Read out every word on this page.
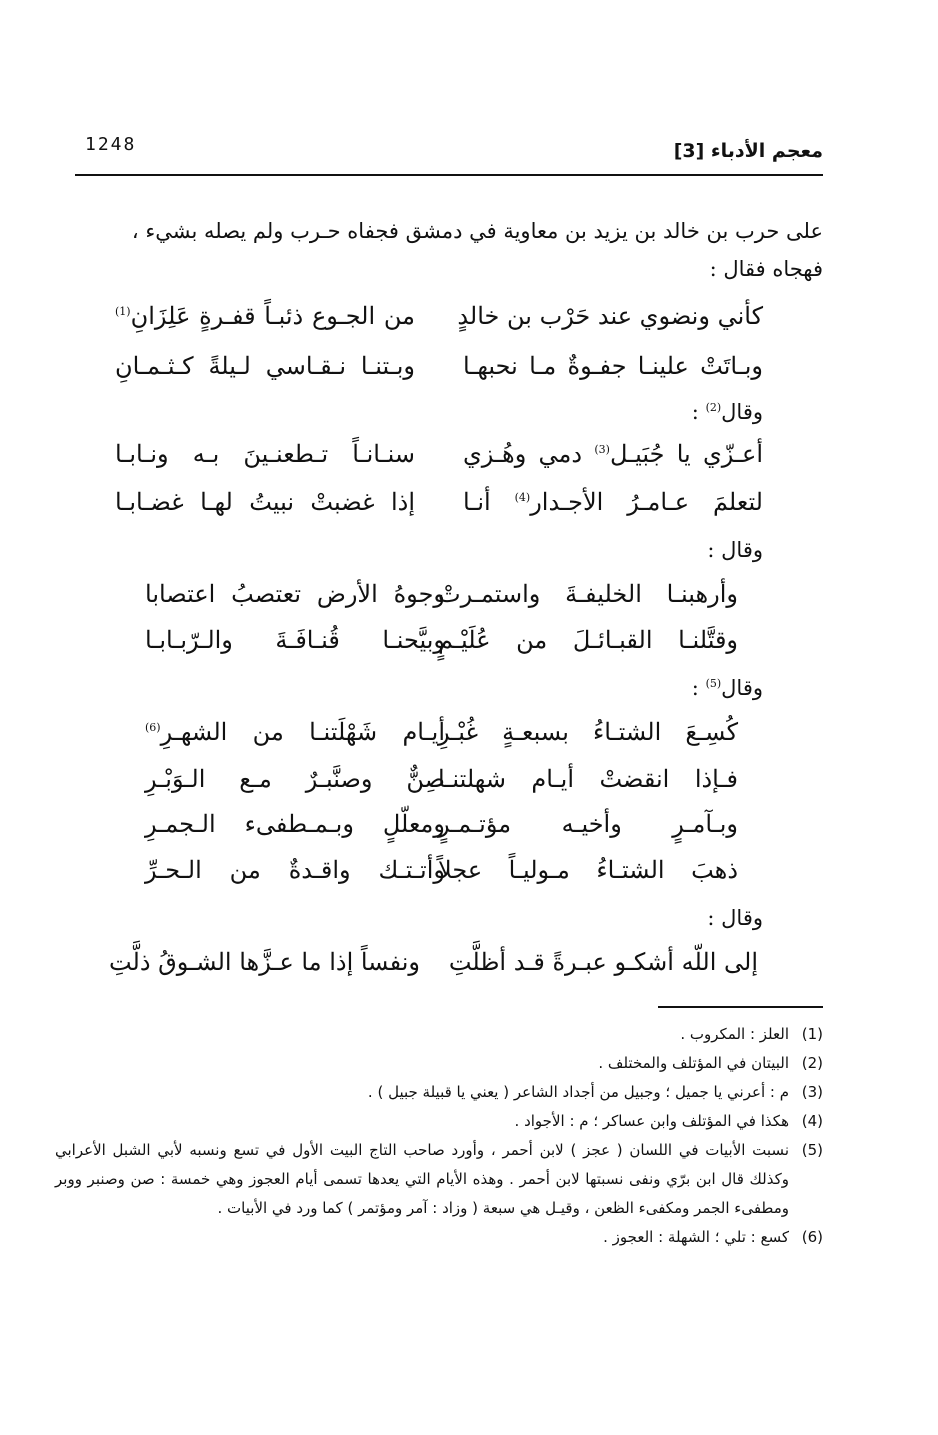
معجم الأدباء [3]
1248

على حرب بن خالد بن يزيد بن معاوية في دمشق فجفاه حـرب ولم يصله بشيء ،

فهجاه فقال :

كأني ونضوي عند حَرْب بن خالدٍ
من الجـوع ذئبـاً قفـرةٍ عَلِزَانِ$^{(1)}$
وبـاتَتْ علينـا جفـوةٌ مـا نحبهـا
وبـتنـا نـقـاسي لـيلةً كـثـمـانِ
وقال$^{(2)}$ :
أعـزّي يا جُبَيـل$^{(3)}$ دمي وهُـزي
سنـانـاً تـطعنـينَ بـه ونـابـا
لتعلمَ عـامـرُ الأجـدار$^{(4)}$ أنـا
إذا غضبتْ نبيتُ لهـا غضـابـا
وقال :
وأرهبنـا الخليفـةَ واستمـرتْ
وجوهُ الأرض تعتصبُ اعتصابا
وقتَّلنـا القبـائـلَ من عُلَيْـمٍ
وبيَّحنـا قُنـافَـةَ والـرّبـابـا
وقال$^{(5)}$ :
كُسِـعَ الشتـاءُ بسبعـةٍ غُبْـرِ
أيـام شَهْلَتنـا من الشهـرِ$^{(6)}$
فـإذا انقضتْ أيـام شهلتنـا
صِنٌّ وصنَّبـرٌ مـع الـوَبْـرِ
وبـآمـرٍ وأخيـه مؤتـمـرٍ
ومعلّلٍ وبـمـطفىء الـجمـرِ
ذهبَ الشتـاءُ مـوليـاً عجلاً
وأتـتـك واقـدةٌ من الـحـرِّ
وقال :
إلى اللّه أشكـو عبـرةً قـد أظلَّتِ
ونفساً إذا ما عـزَّها الشـوقُ ذلَّتِ
(1)
العلز : المكروب .
(2)
البيتان في المؤتلف والمختلف .
(3)
م : أعرني يا جميل ؛ وجبيل من أجداد الشاعر ( يعني يا قبيلة جبيل ) .
(4)
هكذا في المؤتلف وابن عساكر ؛ م : الأجواد .
(5)
نسبت الأبيات في اللسان ( عجز ) لابن أحمر ، وأورد صاحب التاج البيت الأول في تسع ونسبه لأبي الشبل الأعرابي وكذلك قال ابن برّي ونفى نسبتها لابن أحمر . وهذه الأيام التي يعدها تسمى أيام العجوز وهي خمسة : صن وصنبر ووبر ومطفىء الجمر ومكفىء الظعن ، وقيـل هي سبعة ( وزاد : آمر ومؤتمر ) كما ورد في الأبيات .
(6)
كسع : تلي ؛ الشهلة : العجوز .
